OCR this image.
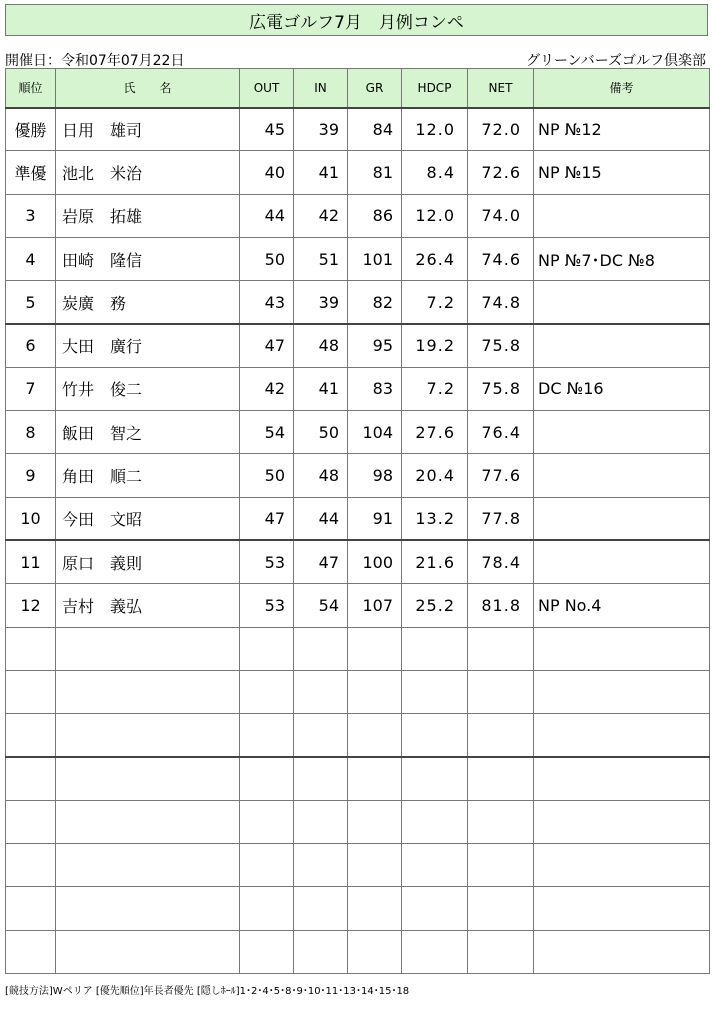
広電ゴルフ7月　月例コンペ
開催日：令和07年07月22日	グリーンバーズゴルフ倶楽部
順位	氏　　名	OUT	IN	GR	HDCP	NET	備考
優勝	日用　雄司	45	39	84	12.0	72.0	NP №12
準優	池北　米治	40	41	81	8.4	72.6	NP №15
3	岩原　拓雄	44	42	86	12.0	74.0	
4	田崎　隆信	50	51	101	26.4	74.6	NP №7･DC №8
5	炭廣　務	43	39	82	7.2	74.8	
6	大田　廣行	47	48	95	19.2	75.8	
7	竹井　俊二	42	41	83	7.2	75.8	DC №16
8	飯田　智之	54	50	104	27.6	76.4	
9	角田　順二	50	48	98	20.4	77.6	
10	今田　文昭	47	44	91	13.2	77.8	
11	原口　義則	53	47	100	21.6	78.4	
12	吉村　義弘	53	54	107	25.2	81.8	NP No.4

[競技方法]Wペリア [優先順位]年長者優先 [隠しﾎｰﾙ]1･2･4･5･8･9･10･11･13･14･15･18
